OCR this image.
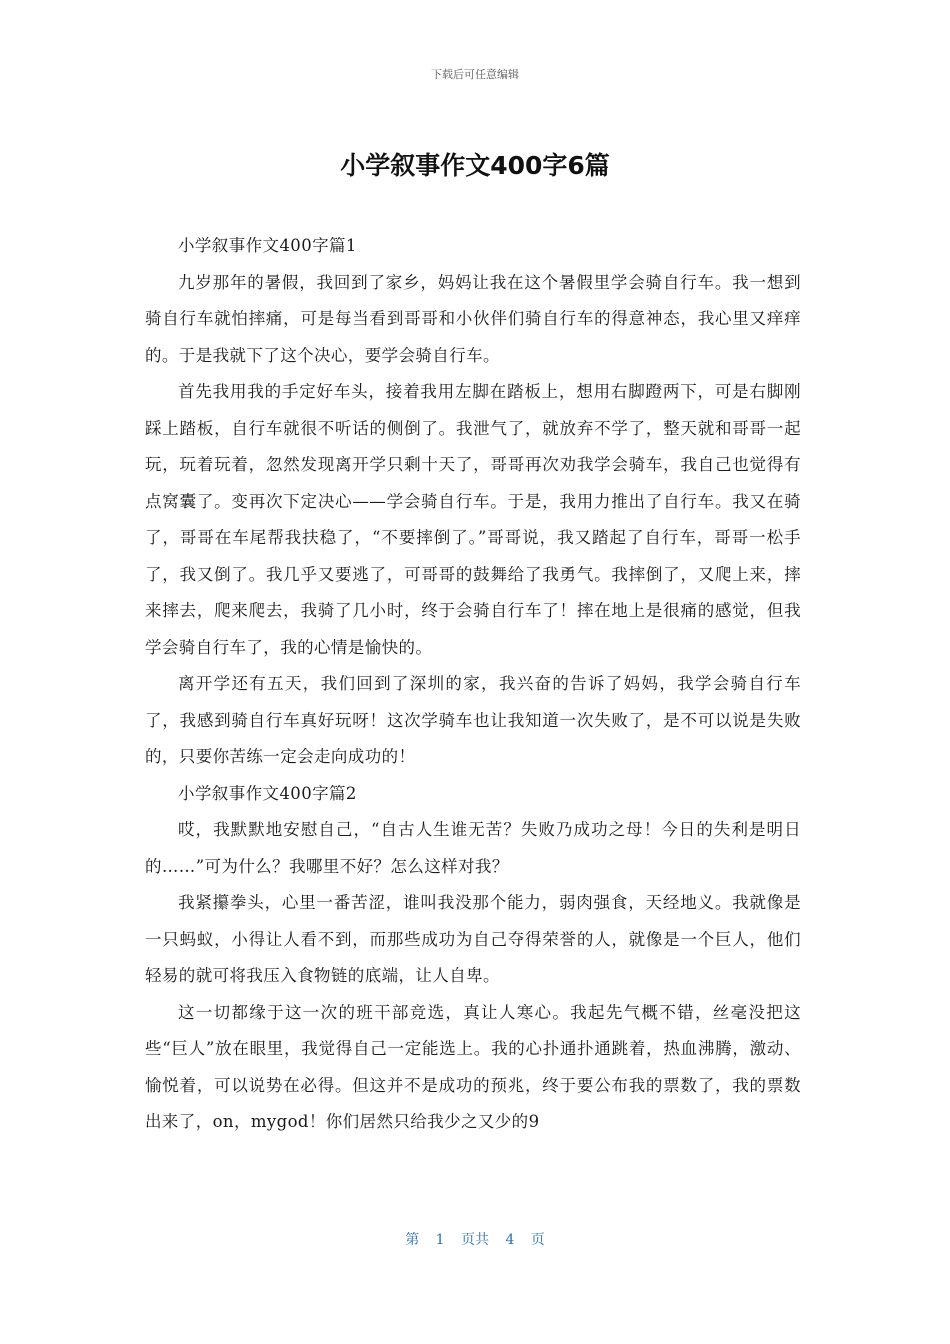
下载后可任意编辑
小学叙事作文400字6篇

小学叙事作文400字篇1

九岁那年的暑假，我回到了家乡，妈妈让我在这个暑假里学会骑自行车。我一想到骑自行车就怕摔痛，可是每当看到哥哥和小伙伴们骑自行车的得意神态，我心里又痒痒的。于是我就下了这个决心，要学会骑自行车。

首先我用我的手定好车头，接着我用左脚在踏板上，想用右脚蹬两下，可是右脚刚踩上踏板，自行车就很不听话的侧倒了。我泄气了，就放弃不学了，整天就和哥哥一起玩，玩着玩着，忽然发现离开学只剩十天了，哥哥再次劝我学会骑车，我自己也觉得有点窝囊了。变再次下定决心——学会骑自行车。于是，我用力推出了自行车。我又在骑了，哥哥在车尾帮我扶稳了，“不要摔倒了。”哥哥说，我又踏起了自行车，哥哥一松手了，我又倒了。我几乎又要逃了，可哥哥的鼓舞给了我勇气。我摔倒了，又爬上来，摔来摔去，爬来爬去，我骑了几小时，终于会骑自行车了！摔在地上是很痛的感觉，但我学会骑自行车了，我的心情是愉快的。

离开学还有五天，我们回到了深圳的家，我兴奋的告诉了妈妈，我学会骑自行车了，我感到骑自行车真好玩呀！这次学骑车也让我知道一次失败了，是不可以说是失败的，只要你苦练一定会走向成功的！

小学叙事作文400字篇2

哎，我默默地安慰自己，“自古人生谁无苦？失败乃成功之母！今日的失利是明日的……”可为什么？我哪里不好？怎么这样对我？

我紧攥拳头，心里一番苦涩，谁叫我没那个能力，弱肉强食，天经地义。我就像是一只蚂蚁，小得让人看不到，而那些成功为自己夺得荣誉的人，就像是一个巨人，他们轻易的就可将我压入食物链的底端，让人自卑。

这一切都缘于这一次的班干部竞选，真让人寒心。我起先气概不错，丝毫没把这些“巨人”放在眼里，我觉得自己一定能选上。我的心扑通扑通跳着，热血沸腾，激动、愉悦着，可以说势在必得。但这并不是成功的预兆，终于要公布我的票数了，我的票数出来了，on，mygod！你们居然只给我少之又少的9

第 1 页共 4 页
